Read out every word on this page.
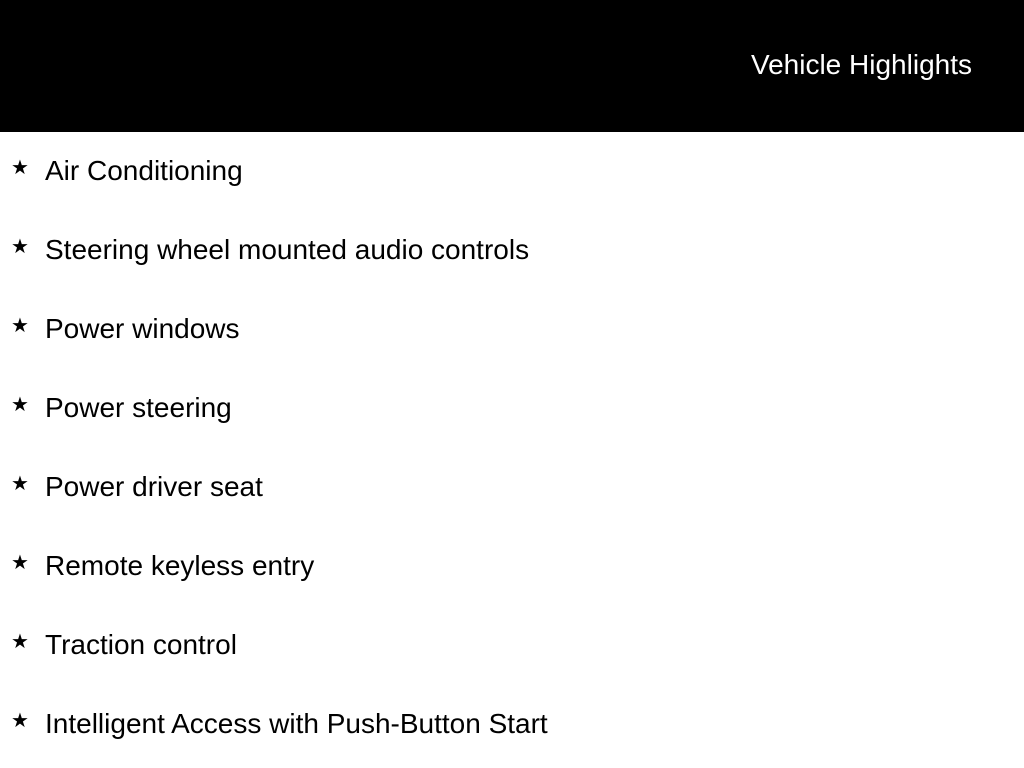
Vehicle Highlights
★ Air Conditioning
★ Steering wheel mounted audio controls
★ Power windows
★ Power steering
★ Power driver seat
★ Remote keyless entry
★ Traction control
★ Intelligent Access with Push-Button Start
